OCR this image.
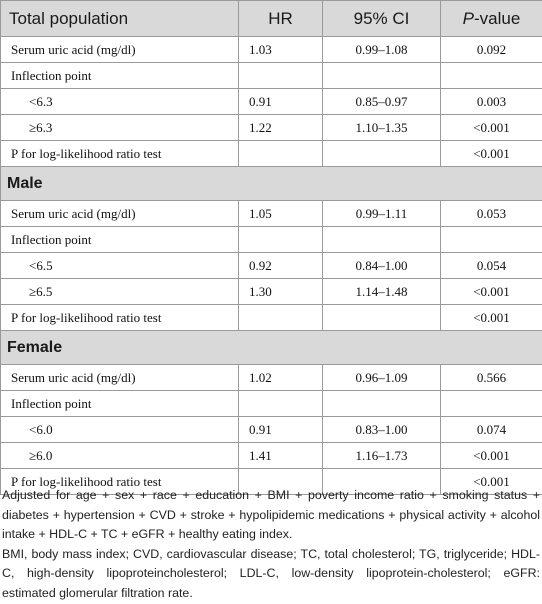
Total population	HR	95% CI	P-value
Serum uric acid (mg/dl)	1.03	0.99–1.08	0.092
Inflection point			
<6.3	0.91	0.85–0.97	0.003
≥6.3	1.22	1.10–1.35	<0.001
P for log-likelihood ratio test			<0.001
Male			
Serum uric acid (mg/dl)	1.05	0.99–1.11	0.053
Inflection point			
<6.5	0.92	0.84–1.00	0.054
≥6.5	1.30	1.14–1.48	<0.001
P for log-likelihood ratio test			<0.001
Female			
Serum uric acid (mg/dl)	1.02	0.96–1.09	0.566
Inflection point			
<6.0	0.91	0.83–1.00	0.074
≥6.0	1.41	1.16–1.73	<0.001
P for log-likelihood ratio test			<0.001

Adjusted for age + sex + race + education + BMI + poverty income ratio + smoking status + diabetes + hypertension + CVD + stroke + hypolipidemic medications + physical activity + alcohol intake + HDL-C + TC + eGFR + healthy eating index.

BMI, body mass index; CVD, cardiovascular disease; TC, total cholesterol; TG, triglyceride; HDL-C, high-density lipoproteincholesterol; LDL-C, low-density lipoprotein-cholesterol; eGFR: estimated glomerular filtration rate.
